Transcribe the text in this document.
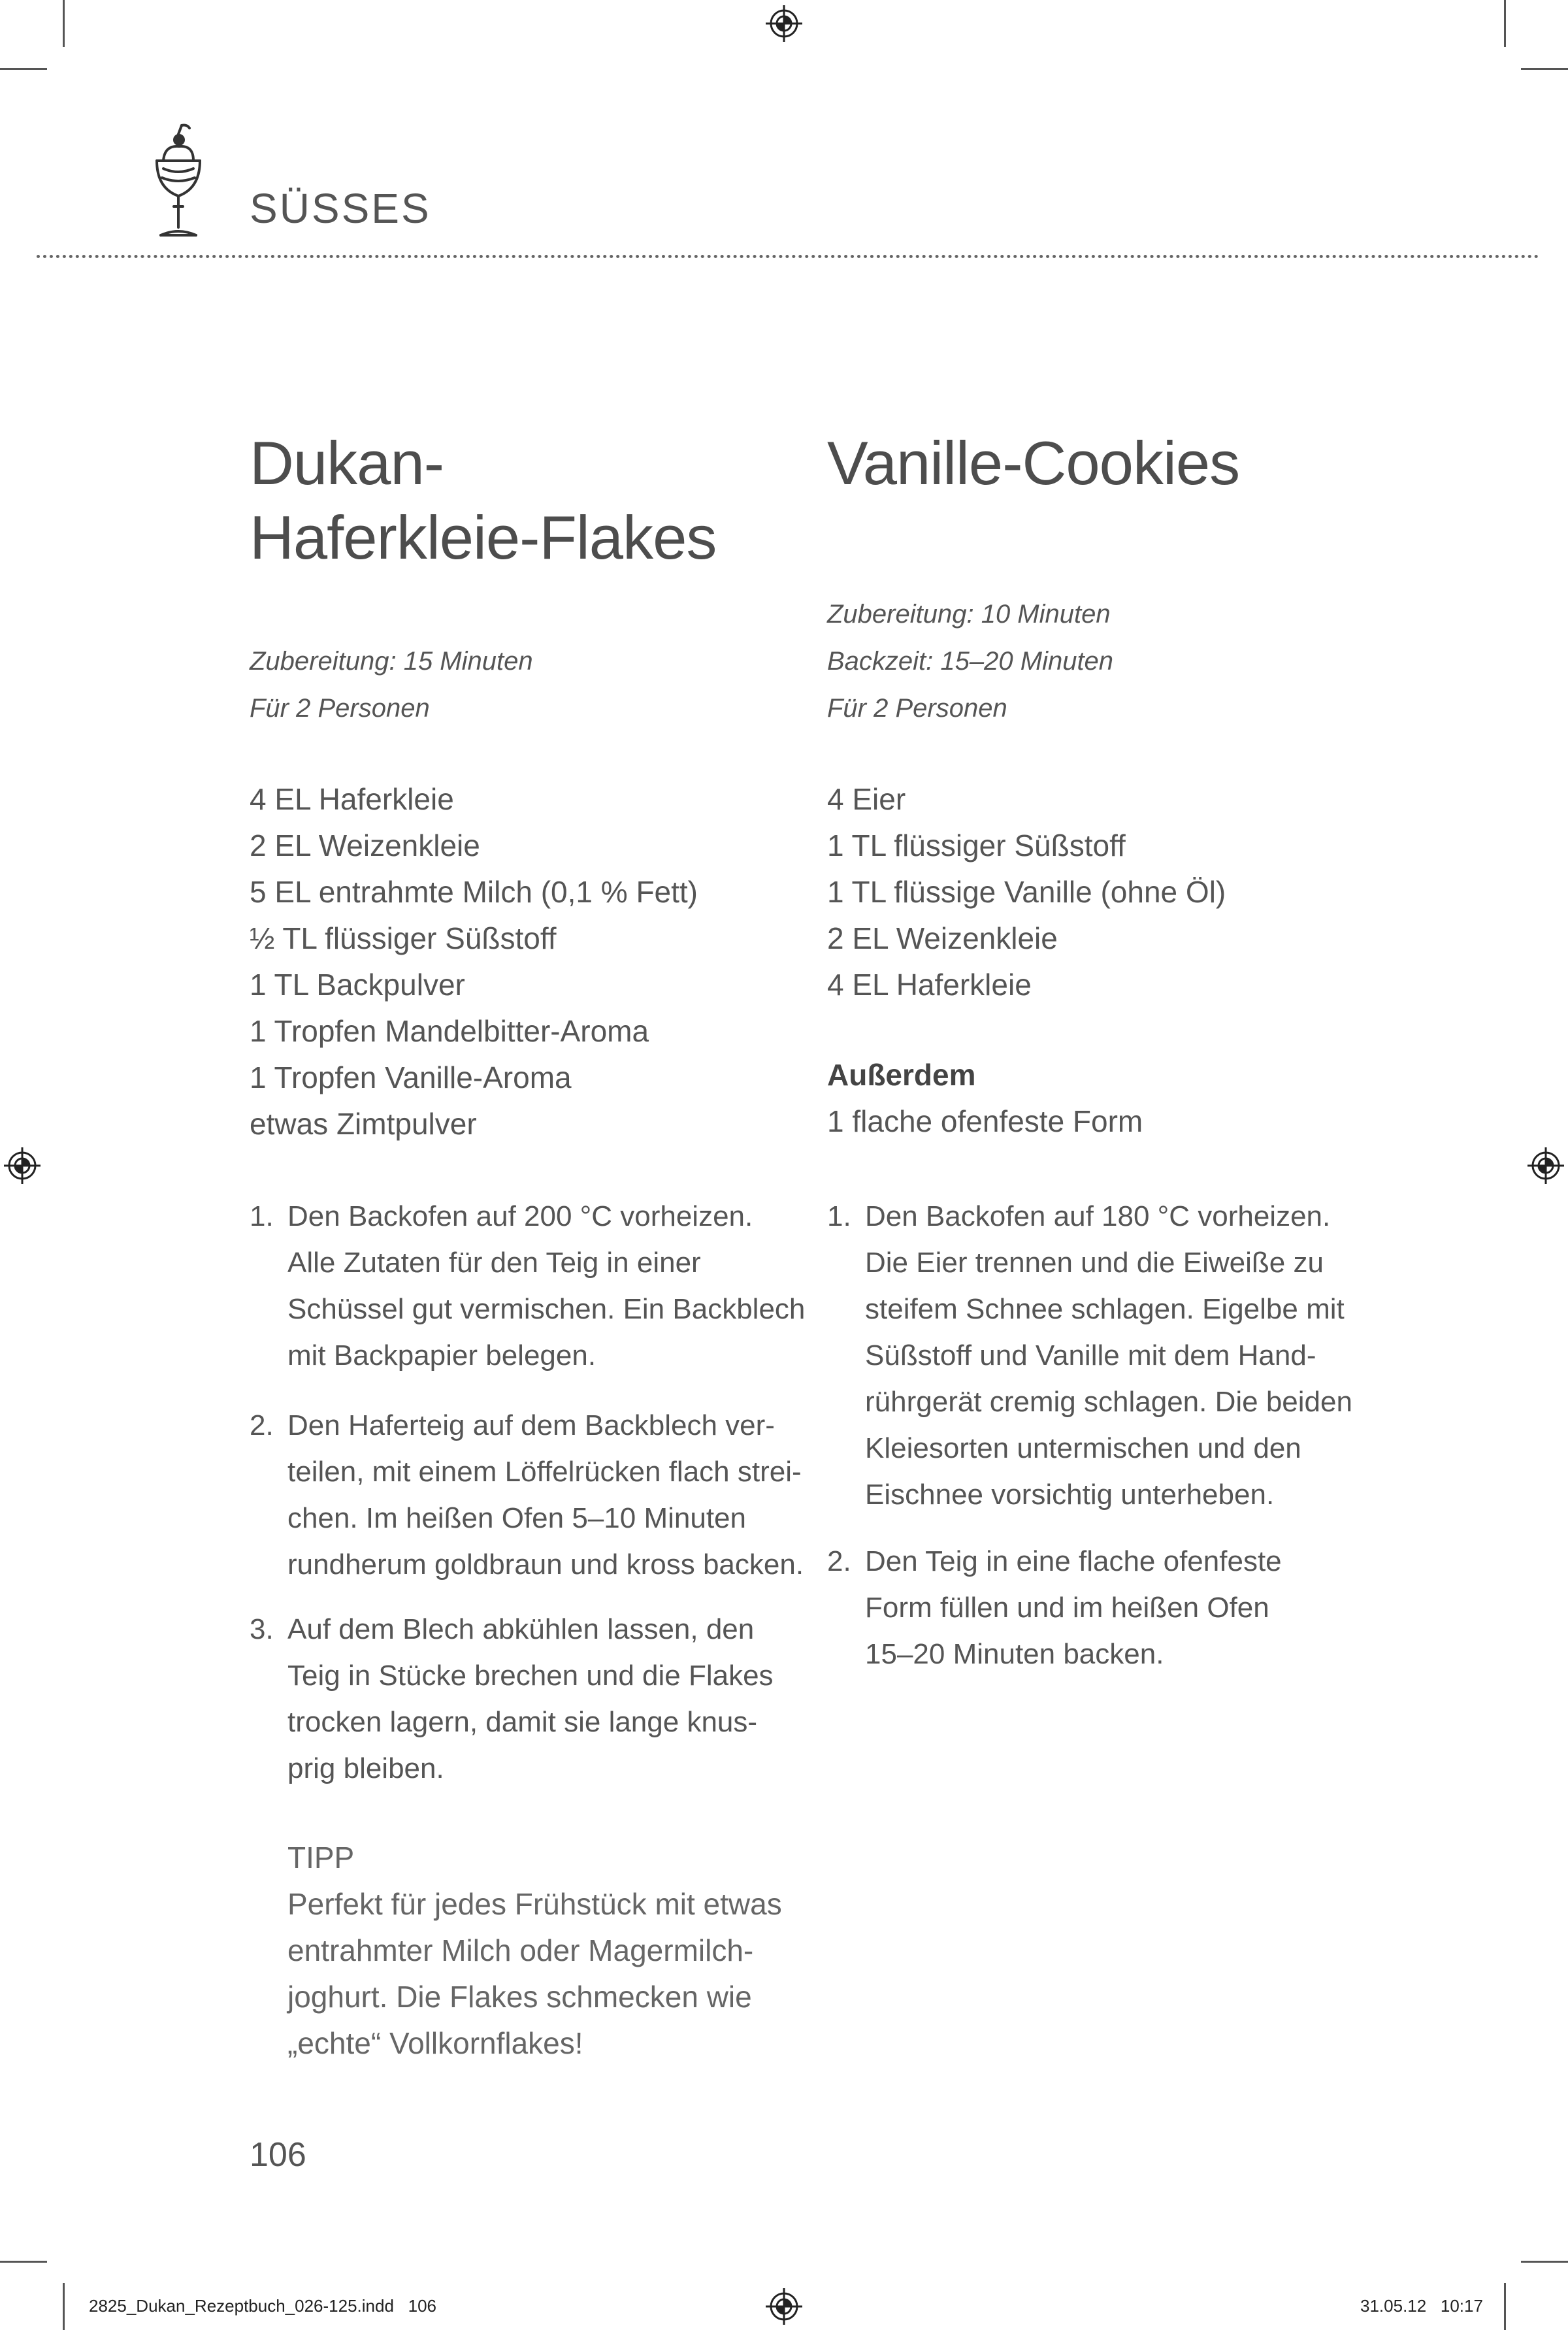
SÜSSES
Dukan-
Haferkleie-Flakes
Zubereitung: 15 Minuten
Für 2 Personen
4 EL Haferkleie
2 EL Weizenkleie
5 EL entrahmte Milch (0,1 % Fett)
½ TL flüssiger Süßstoff
1 TL Backpulver
1 Tropfen Mandelbitter-Aroma
1 Tropfen Vanille-Aroma
etwas Zimtpulver
1. Den Backofen auf 200 °C vorheizen.
Alle Zutaten für den Teig in einer
Schüssel gut vermischen. Ein Backblech
mit Backpapier belegen.
2. Den Haferteig auf dem Backblech ver-
teilen, mit einem Löffelrücken flach strei-
chen. Im heißen Ofen 5–10 Minuten
rundherum goldbraun und kross backen.
3. Auf dem Blech abkühlen lassen, den
Teig in Stücke brechen und die Flakes
trocken lagern, damit sie lange knus-
prig bleiben.
TIPP
Perfekt für jedes Frühstück mit etwas
entrahmter Milch oder Magermilch-
joghurt. Die Flakes schmecken wie
„echte“ Vollkornflakes!
Vanille-Cookies
Zubereitung: 10 Minuten
Backzeit: 15–20 Minuten
Für 2 Personen
4 Eier
1 TL flüssiger Süßstoff
1 TL flüssige Vanille (ohne Öl)
2 EL Weizenkleie
4 EL Haferkleie
Außerdem
1 flache ofenfeste Form
1. Den Backofen auf 180 °C vorheizen.
Die Eier trennen und die Eiweiße zu
steifem Schnee schlagen. Eigelbe mit
Süßstoff und Vanille mit dem Hand-
rührgerät cremig schlagen. Die beiden
Kleiesorten untermischen und den
Eischnee vorsichtig unterheben.
2. Den Teig in eine flache ofenfeste
Form füllen und im heißen Ofen
15–20 Minuten backen.
106
2825_Dukan_Rezeptbuch_026-125.indd   106	31.05.12   10:17
